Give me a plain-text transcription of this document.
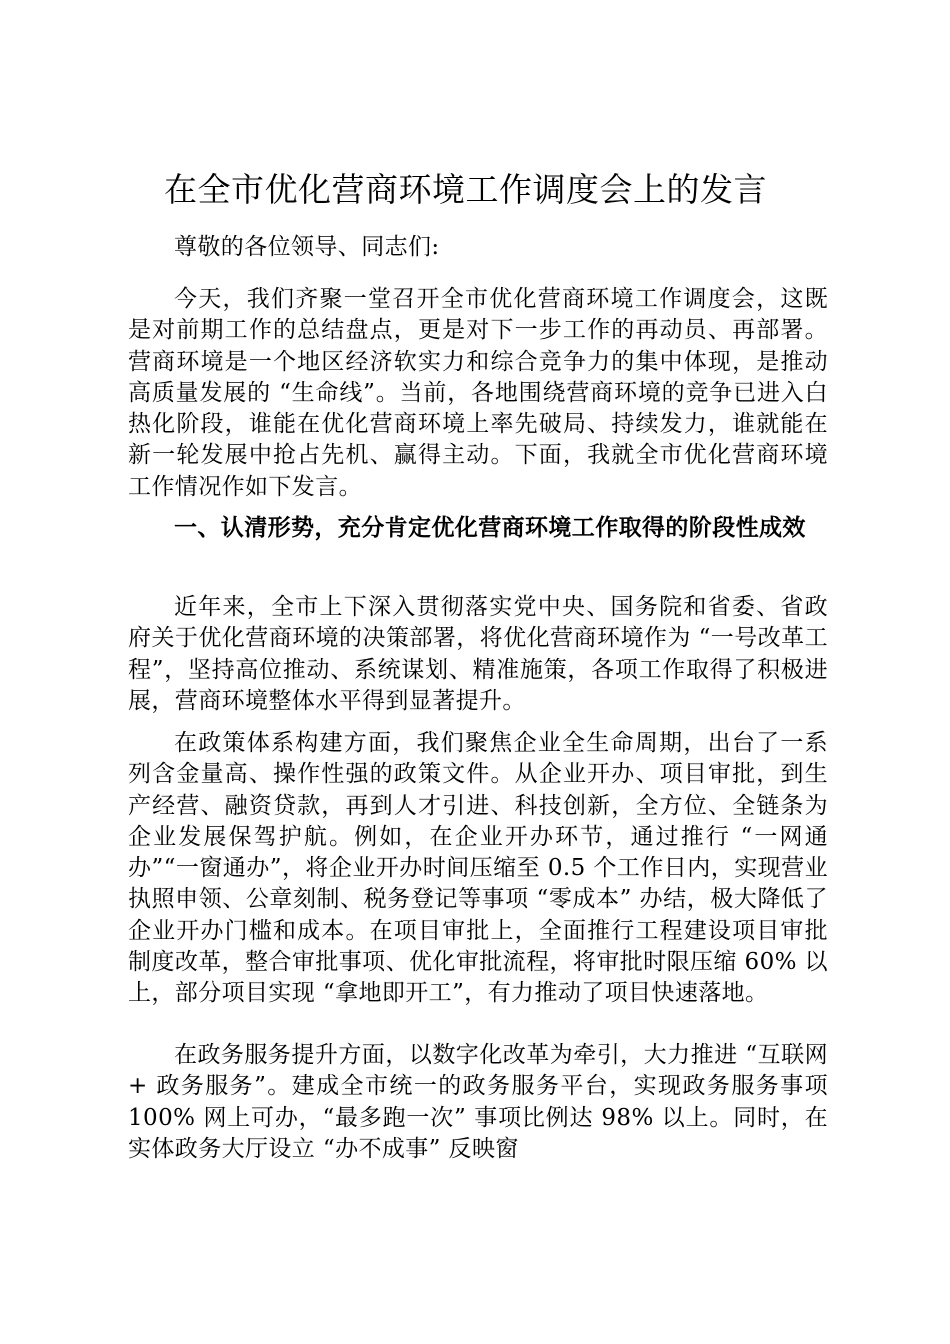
在全市优化营商环境工作调度会上的发言

尊敬的各位领导、同志们:

今天，我们齐聚一堂召开全市优化营商环境工作调度会，这既是对前期工作的总结盘点，更是对下一步工作的再动员、再部署。营商环境是一个地区经济软实力和综合竞争力的集中体现，是推动高质量发展的 “生命线”。当前，各地围绕营商环境的竞争已进入白热化阶段，谁能在优化营商环境上率先破局、持续发力，谁就能在新一轮发展中抢占先机、赢得主动。下面，我就全市优化营商环境工作情况作如下发言。

一、认清形势，充分肯定优化营商环境工作取得的阶段性成效

近年来，全市上下深入贯彻落实党中央、国务院和省委、省政府关于优化营商环境的决策部署，将优化营商环境作为 “一号改革工程”，坚持高位推动、系统谋划、精准施策，各项工作取得了积极进展，营商环境整体水平得到显著提升。

在政策体系构建方面，我们聚焦企业全生命周期，出台了一系列含金量高、操作性强的政策文件。从企业开办、项目审批，到生产经营、融资贷款，再到人才引进、科技创新，全方位、全链条为企业发展保驾护航。例如，在企业开办环节，通过推行 “一网通办”“一窗通办”，将企业开办时间压缩至 0.5 个工作日内，实现营业执照申领、公章刻制、税务登记等事项 “零成本” 办结，极大降低了企业开办门槛和成本。在项目审批上，全面推行工程建设项目审批制度改革，整合审批事项、优化审批流程，将审批时限压缩 60% 以上，部分项目实现 “拿地即开工”，有力推动了项目快速落地。

在政务服务提升方面，以数字化改革为牵引，大力推进 “互联网 + 政务服务”。建成全市统一的政务服务平台，实现政务服务事项 100% 网上可办，“最多跑一次” 事项比例达 98% 以上。同时，在实体政务大厅设立 “办不成事” 反映窗
